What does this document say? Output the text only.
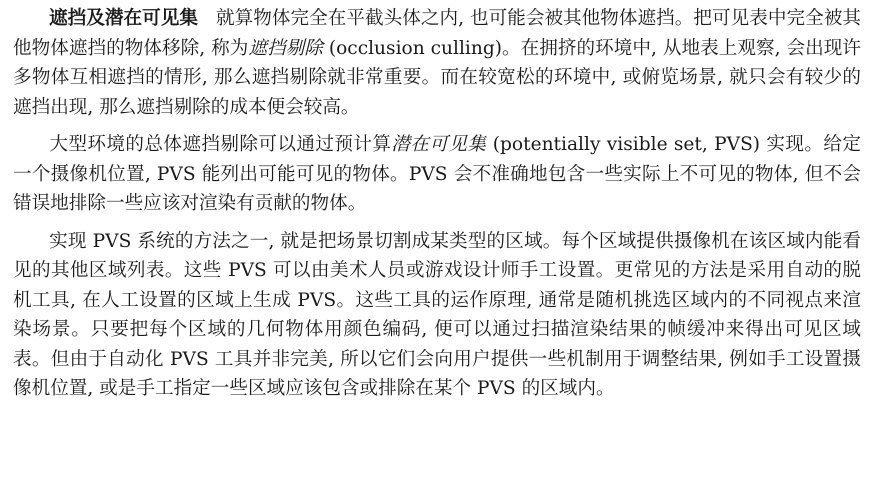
遮挡及潜在可见集 就算物体完全在平截头体之内, 也可能会被其他物体遮挡。把可见表中完全被其他物体遮挡的物体移除, 称为遮挡剔除 (occlusion culling)。在拥挤的环境中, 从地表上观察, 会出现许多物体互相遮挡的情形, 那么遮挡剔除就非常重要。而在较宽松的环境中, 或俯览场景, 就只会有较少的遮挡出现, 那么遮挡剔除的成本便会较高。

大型环境的总体遮挡剔除可以通过预计算潜在可见集 (potentially visible set, PVS) 实现。给定一个摄像机位置, PVS 能列出可能可见的物体。PVS 会不准确地包含一些实际上不可见的物体, 但不会错误地排除一些应该对渲染有贡献的物体。

实现 PVS 系统的方法之一, 就是把场景切割成某类型的区域。每个区域提供摄像机在该区域内能看见的其他区域列表。这些 PVS 可以由美术人员或游戏设计师手工设置。更常见的方法是采用自动的脱机工具, 在人工设置的区域上生成 PVS。这些工具的运作原理, 通常是随机挑选区域内的不同视点来渲染场景。只要把每个区域的几何物体用颜色编码, 便可以通过扫描渲染结果的帧缓冲来得出可见区域表。但由于自动化 PVS 工具并非完美, 所以它们会向用户提供一些机制用于调整结果, 例如手工设置摄像机位置, 或是手工指定一些区域应该包含或排除在某个 PVS 的区域内。
